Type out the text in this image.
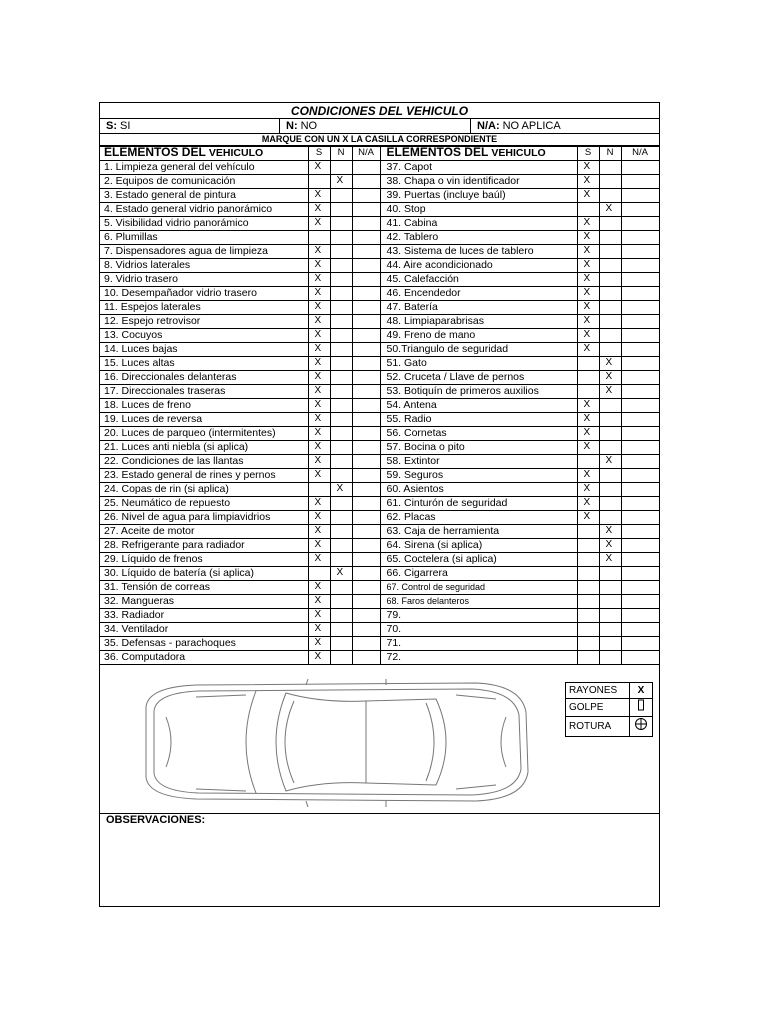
CONDICIONES DEL VEHICULO
S: SI	N: NO	N/A: NO APLICA
MARQUE CON UN X LA CASILLA CORRESPONDIENTE
ELEMENTOS DEL VEHICULO	S	N	N/A	ELEMENTOS DEL VEHICULO	S	N	N/A
1. Limpieza general del vehículo	X			37. Capot	X		
2. Equipos de comunicación		X		38. Chapa o vin identificador	X		
3. Estado general de pintura	X			39. Puertas (incluye baúl)	X		
4. Estado general vidrio panorámico	X			40. Stop		X	
5. Visibilidad vidrio panorámico	X			41. Cabina	X		
6. Plumillas				42. Tablero	X		
7. Dispensadores agua de limpieza	X			43. Sistema de luces de tablero	X		
8. Vidrios laterales	X			44. Aire acondicionado	X		
9. Vidrio trasero	X			45. Calefacción	X		
10. Desempañador vidrio trasero	X			46. Encendedor	X		
11. Espejos laterales	X			47. Batería	X		
12. Espejo retrovisor	X			48. Limpiaparabrisas	X		
13. Cocuyos	X			49. Freno de mano	X		
14. Luces bajas	X			50.Triangulo de seguridad	X		
15. Luces altas	X			51. Gato		X	
16. Direccionales delanteras	X			52. Cruceta / Llave de pernos		X	
17. Direccionales traseras	X			53. Botiquín de primeros auxilios		X	
18. Luces de freno	X			54. Antena	X		
19. Luces de reversa	X			55. Radio	X		
20. Luces de parqueo (intermitentes)	X			56. Cornetas	X		
21. Luces anti niebla (si aplica)	X			57. Bocina o pito	X		
22. Condiciones de las llantas	X			58. Extintor		X	
23. Estado general de rines y pernos	X			59. Seguros	X		
24. Copas de rin (si aplica)		X		60. Asientos	X		
25. Neumático de repuesto	X			61. Cinturón de seguridad	X		
26. Nivel de agua para limpiavidrios	X			62. Placas	X		
27. Aceite de motor	X			63. Caja de herramienta		X	
28. Refrigerante para radiador	X			64. Sirena (si aplica)		X	
29. Líquido de frenos	X			65. Coctelera (si aplica)		X	
30. Líquido de batería (si aplica)		X		66. Cigarrera			
31. Tensión de correas	X			67. Control de seguridad			
32. Mangueras	X			68. Faros delanteros			
33. Radiador	X			79.			
34. Ventilador	X			70.			
35. Defensas - parachoques	X			71.			
36. Computadora	X			72.			
RAYONES	X
GOLPE	
ROTURA	
OBSERVACIONES:
